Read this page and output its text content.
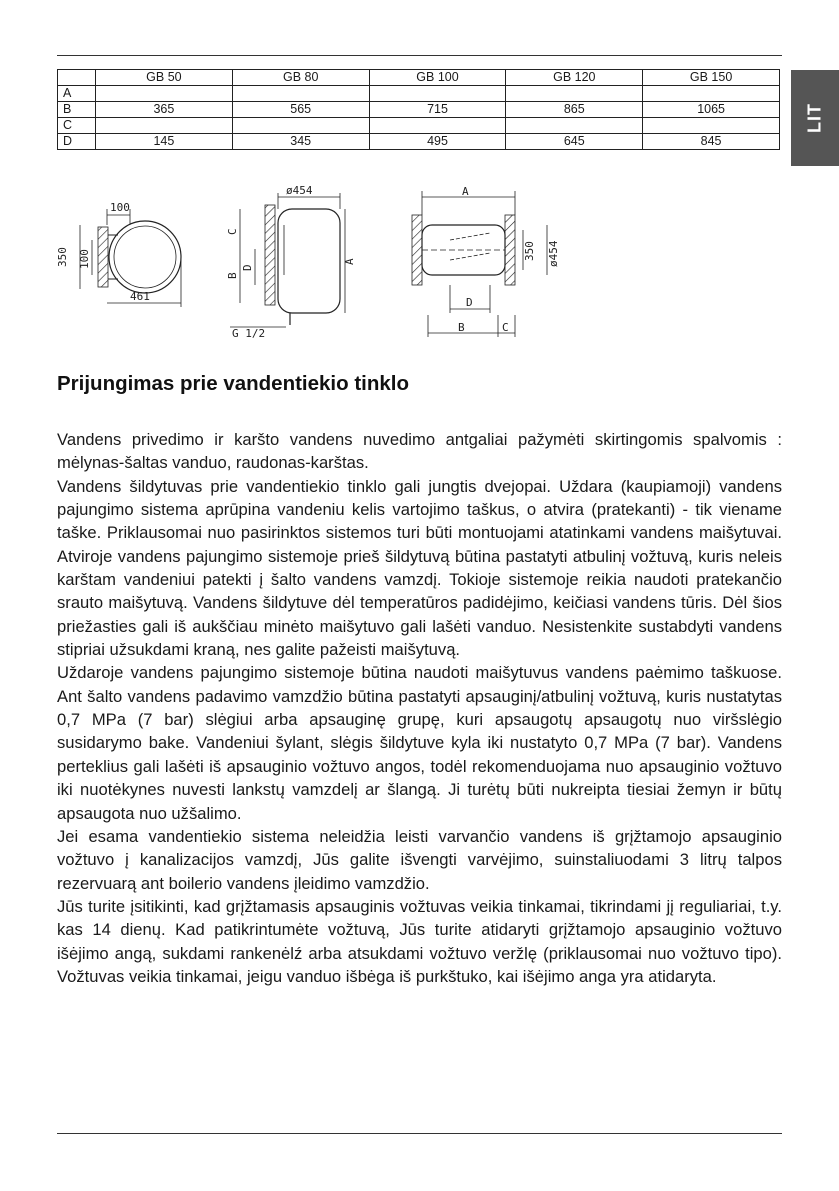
LIT
	GB 50	GB 80	GB 100	GB 120	GB 150
A					
B	365	565	715	865	1065
C					
D	145	345	495	645	845
100
350 100
461
ø454
A
C
B
D
G 1/2
A
350 ø454
D
B	C
Prijungimas prie vandentiekio tinklo

Vandens privedimo ir karšto vandens nuvedimo antgaliai pažymėti skirtingomis spalvomis : mėlynas-šaltas vanduo, raudonas-karštas.

Vandens šildytuvas prie vandentiekio tinklo gali jungtis dvejopai. Uždara (kaupiamoji) vandens pajungimo sistema aprūpina vandeniu kelis vartojimo taškus, o atvira (pratekanti) - tik viename taške. Priklausomai nuo pasirinktos sistemos turi būti montuojami atatinkami vandens maišytuvai. Atviroje vandens pajungimo sistemoje prieš šildytuvą būtina pastatyti atbulinį vožtuvą, kuris neleis karštam vandeniui patekti į šalto vandens vamzdį. Tokioje sistemoje reikia naudoti pratekančio srauto maišytuvą. Vandens šildytuve dėl temperatūros padidėjimo, keičiasi vandens tūris. Dėl šios priežasties gali iš aukščiau minėto maišytuvo gali lašėti vanduo. Nesistenkite sustabdyti vandens stipriai užsukdami kraną, nes galite pažeisti maišytuvą.

Uždaroje vandens pajungimo sistemoje būtina naudoti maišytuvus vandens paėmimo taškuose. Ant šalto vandens padavimo vamzdžio būtina pastatyti apsauginį/atbulinį vožtuvą, kuris nustatytas 0,7 MPa (7 bar) slėgiui arba apsauginę grupę, kuri apsaugotų apsaugotų nuo viršslėgio susidarymo bake. Vandeniui šylant, slėgis šildytuve kyla iki nustatyto 0,7 MPa (7 bar). Vandens perteklius gali lašėti iš apsauginio vožtuvo angos, todėl rekomenduojama nuo apsauginio vožtuvo iki nuotėkynes nuvesti lankstų vamzdelį ar šlangą. Ji turėtų būti nukreipta tiesiai žemyn ir būtų apsaugota nuo užšalimo.

Jei esama vandentiekio sistema neleidžia leisti varvančio vandens iš grįžtamojo apsauginio vožtuvo į kanalizacijos vamzdį, Jūs galite išvengti varvėjimo, suinstaliuodami 3 litrų talpos rezervuarą ant boilerio vandens įleidimo vamzdžio.

Jūs turite įsitikinti, kad grįžtamasis apsauginis vožtuvas veikia tinkamai, tikrindami jį reguliariai, t.y. kas 14 dienų. Kad patikrintumėte vožtuvą, Jūs turite atidaryti grįžtamojo apsauginio vožtuvo išėjimo angą, sukdami rankenėlź arba atsukdami vožtuvo veržlę (priklausomai nuo vožtuvo tipo). Vožtuvas veikia tinkamai, jeigu vanduo išbėga iš purkštuko, kai išėjimo anga yra atidaryta.
